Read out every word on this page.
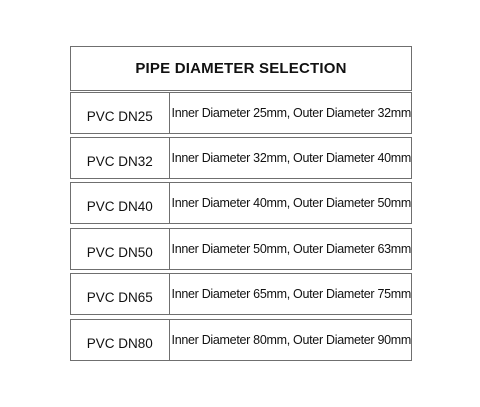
PIPE DIAMETER SELECTION
PVC DN25	Inner Diameter 25mm, Outer Diameter 32mm
PVC DN32	Inner Diameter 32mm, Outer Diameter 40mm
PVC DN40	Inner Diameter 40mm, Outer Diameter 50mm
PVC DN50	Inner Diameter 50mm, Outer Diameter 63mm
PVC DN65	Inner Diameter 65mm, Outer Diameter 75mm
PVC DN80	Inner Diameter 80mm, Outer Diameter 90mm
